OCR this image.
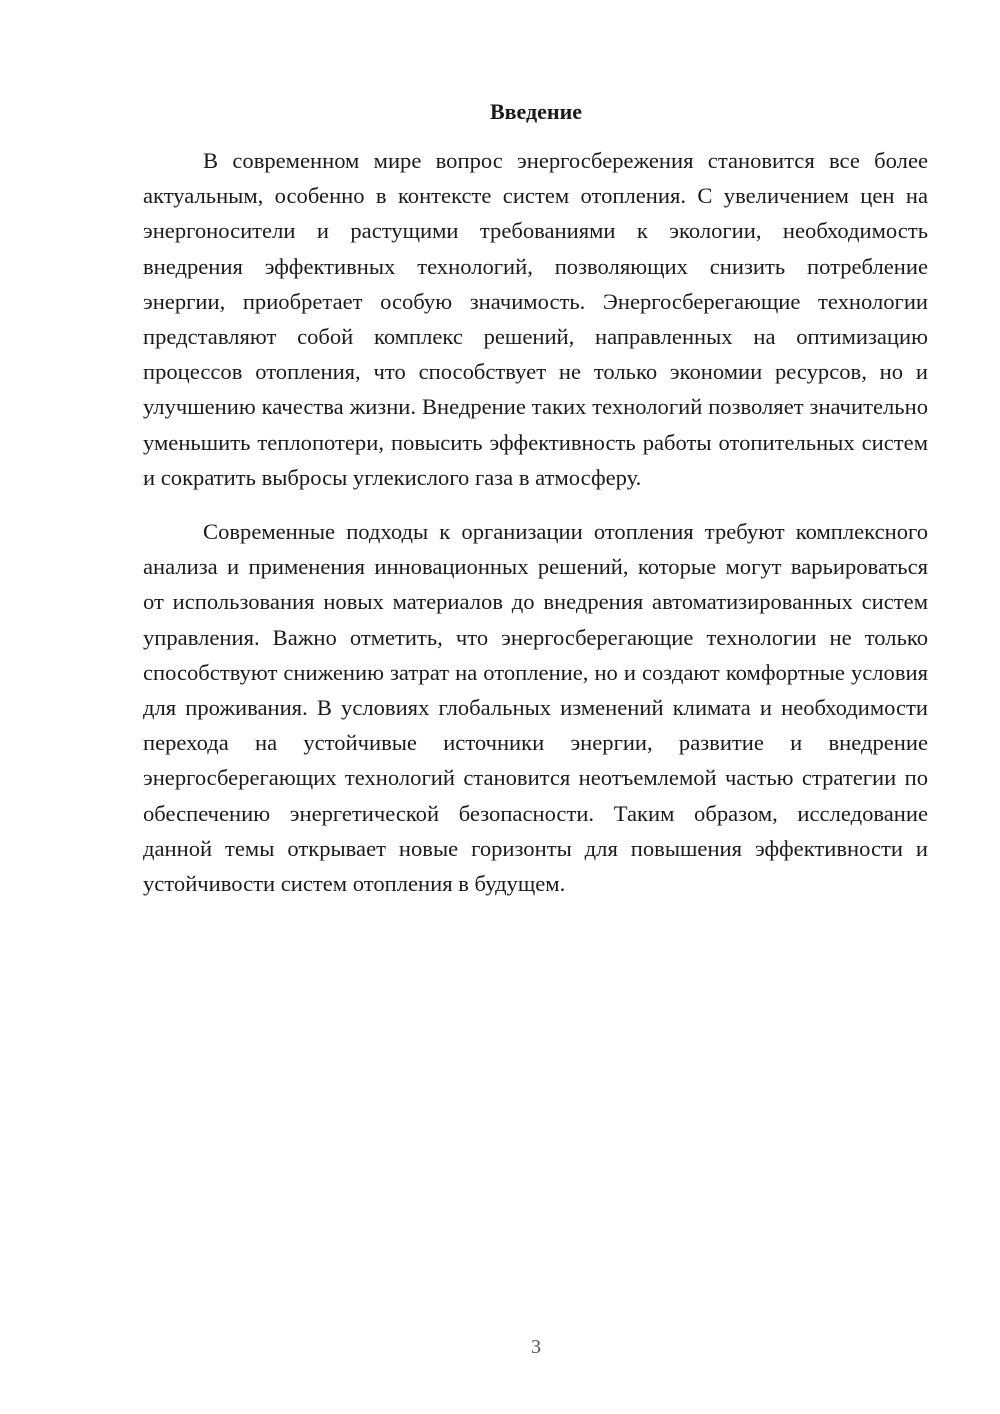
Введение

В современном мире вопрос энергосбережения становится все более актуальным, особенно в контексте систем отопления. С увеличением цен на энергоносители и растущими требованиями к экологии, необходимость внедрения эффективных технологий, позволяющих снизить потребление энергии, приобретает особую значимость. Энергосберегающие технологии представляют собой комплекс решений, направленных на оптимизацию процессов отопления, что способствует не только экономии ресурсов, но и улучшению качества жизни. Внедрение таких технологий позволяет значительно уменьшить теплопотери, повысить эффективность работы отопительных систем и сократить выбросы углекислого газа в атмосферу.

Современные подходы к организации отопления требуют комплексного анализа и применения инновационных решений, которые могут варьироваться от использования новых материалов до внедрения автоматизированных систем управления. Важно отметить, что энергосберегающие технологии не только способствуют снижению затрат на отопление, но и создают комфортные условия для проживания. В условиях глобальных изменений климата и необходимости перехода на устойчивые источники энергии, развитие и внедрение энергосберегающих технологий становится неотъемлемой частью стратегии по обеспечению энергетической безопасности. Таким образом, исследование данной темы открывает новые горизонты для повышения эффективности и устойчивости систем отопления в будущем.

3
